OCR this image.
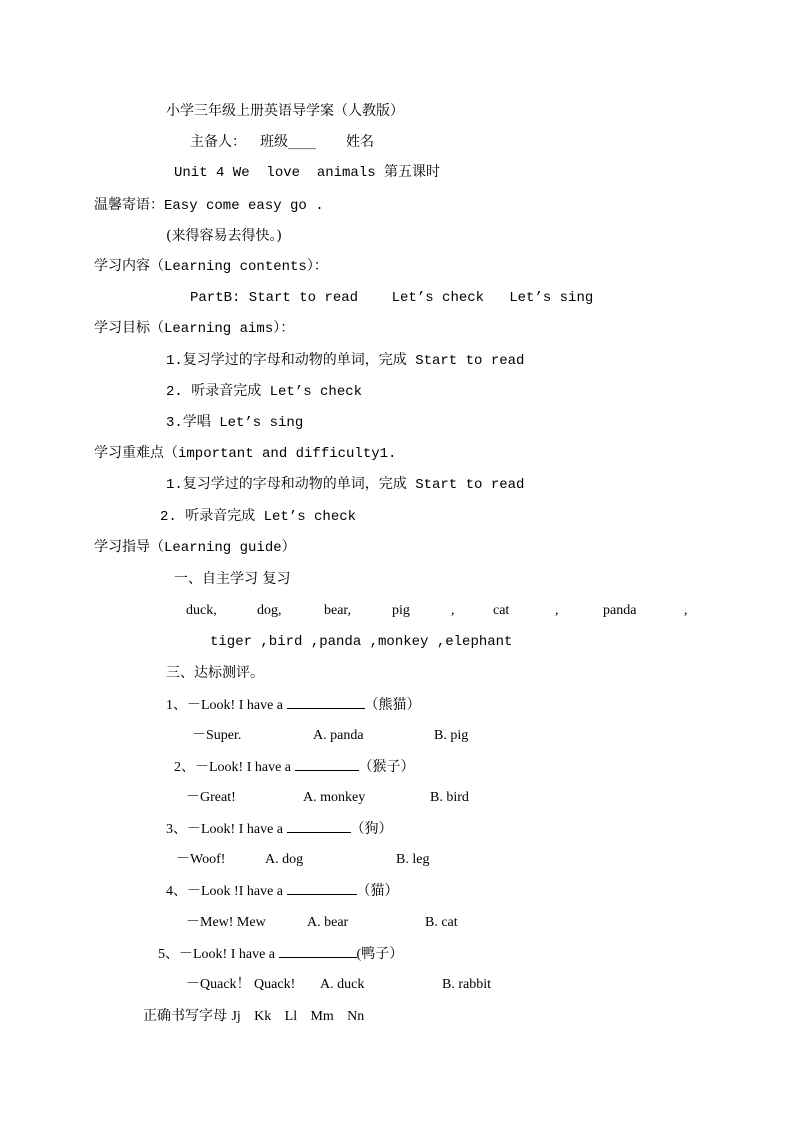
小学三年级上册英语导学案（人教版）
主备人： 班级____ 姓名
Unit 4 We  love  animals 第五课时
温馨寄语：Easy come easy go .
(来得容易去得快。)
学习内容（Learning contents）：
PartB: Start to read    Let’s check   Let’s sing
学习目标（Learning aims）：
1.复习学过的字母和动物的单词，完成 Start to read
2. 听录音完成 Let’s check
3.学唱 Let’s sing
学习重难点（important and difficulty1.
1.复习学过的字母和动物的单词，完成 Start to read
2. 听录音完成 Let’s check
学习指导（Learning guide）
一、自主学习 复习
duck,	dog,	bear,	pig	,	cat	,	panda	,
tiger ,bird ,panda ,monkey ,elephant
三、达标测评。
1、－Look! I have a	（熊猫）
－Super.	A. panda	B. pig
2、－Look! I have a	（猴子）
－Great!	A. monkey	B. bird
3、－Look! I have a	（狗）
－Woof!	A. dog	B. leg
4、－Look !I have a	（猫）
－Mew! Mew	A. bear	B. cat
5、－Look! I have a	(鸭子）
－Quack！ Quack! A. duck	B. rabbit
正确书写字母 Jj Kk Ll Mm Nn
